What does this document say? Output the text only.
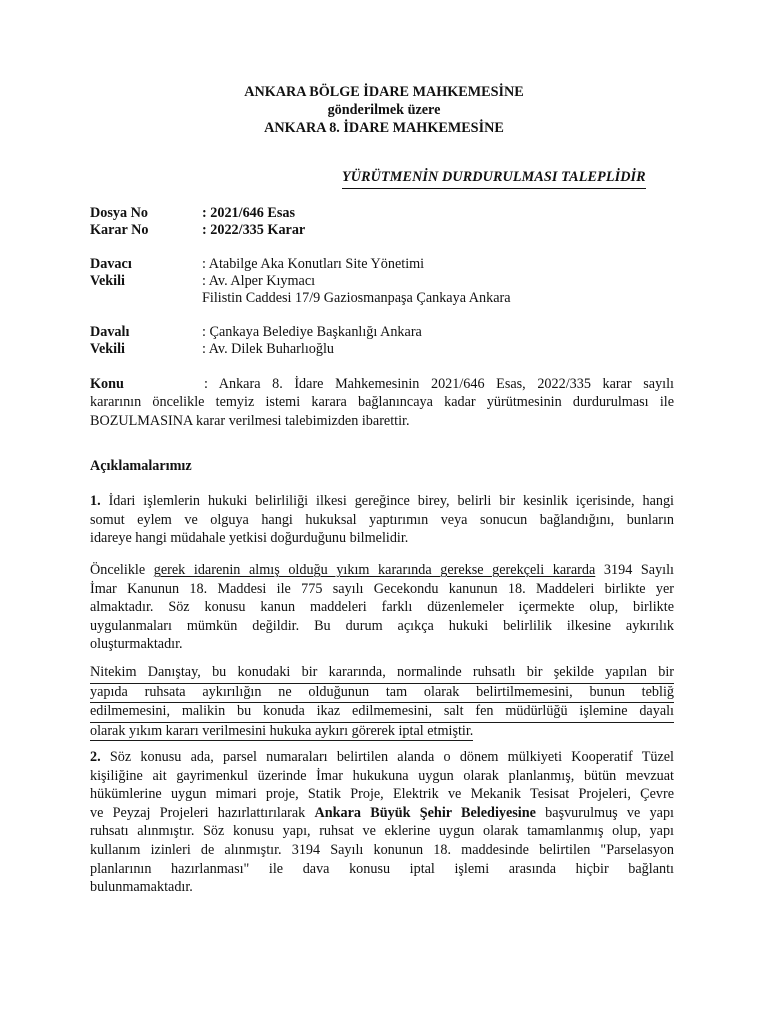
ANKARA BÖLGE İDARE MAHKEMESİNE
gönderilmek üzere
ANKARA 8. İDARE MAHKEMESİNE
YÜRÜTMENİN DURDURULMASI TALEPLİDİR
Dosya No	: 2021/646 Esas
Karar No	: 2022/335 Karar
Davacı	: Atabilge Aka Konutları Site Yönetimi
Vekili	: Av. Alper Kıymacı
Filistin Caddesi 17/9 Gaziosmanpaşa Çankaya Ankara
Davalı	: Çankaya Belediye Başkanlığı Ankara
Vekili	: Av. Dilek Buharlıoğlu
Konu	: Ankara 8. İdare Mahkemesinin 2021/646 Esas, 2022/335 karar sayılı
kararının öncelikle temyiz istemi karara bağlanıncaya kadar yürütmesinin durdurulması ile
BOZULMASINA karar verilmesi talebimizden ibarettir.
Açıklamalarımız
1. İdari işlemlerin hukuki belirliliği ilkesi gereğince birey, belirli bir kesinlik içerisinde, hangi
somut eylem ve olguya hangi hukuksal yaptırımın veya sonucun bağlandığını, bunların
idareye hangi müdahale yetkisi doğurduğunu bilmelidir.
Öncelikle gerek idarenin almış olduğu yıkım kararında gerekse gerekçeli kararda 3194 Sayılı
İmar Kanunun 18. Maddesi ile 775 sayılı Gecekondu kanunun 18. Maddeleri birlikte yer
almaktadır. Söz konusu kanun maddeleri farklı düzenlemeler içermekte olup, birlikte
uygulanmaları mümkün değildir. Bu durum açıkça hukuki belirlilik ilkesine aykırılık
oluşturmaktadır.
Nitekim Danıştay, bu konudaki bir kararında, normalinde ruhsatlı bir şekilde yapılan bir
yapıda ruhsata aykırılığın ne olduğunun tam olarak belirtilmemesini, bunun tebliğ
edilmemesini, malikin bu konuda ikaz edilmemesini, salt fen müdürlüğü işlemine dayalı
olarak yıkım kararı verilmesini hukuka aykırı görerek iptal etmiştir.
2. Söz konusu ada, parsel numaraları belirtilen alanda o dönem mülkiyeti Kooperatif Tüzel
kişiliğine ait gayrimenkul üzerinde İmar hukukuna uygun olarak planlanmış, bütün mevzuat
hükümlerine uygun mimari proje, Statik Proje, Elektrik ve Mekanik Tesisat Projeleri, Çevre
ve Peyzaj Projeleri hazırlattırılarak Ankara Büyük Şehir Belediyesine başvurulmuş ve yapı
ruhsatı alınmıştır. Söz konusu yapı, ruhsat ve eklerine uygun olarak tamamlanmış olup, yapı
kullanım izinleri de alınmıştır. 3194 Sayılı konunun 18. maddesinde belirtilen "Parselasyon
planlarının hazırlanması" ile dava konusu iptal işlemi arasında hiçbir bağlantı
bulunmamaktadır.
